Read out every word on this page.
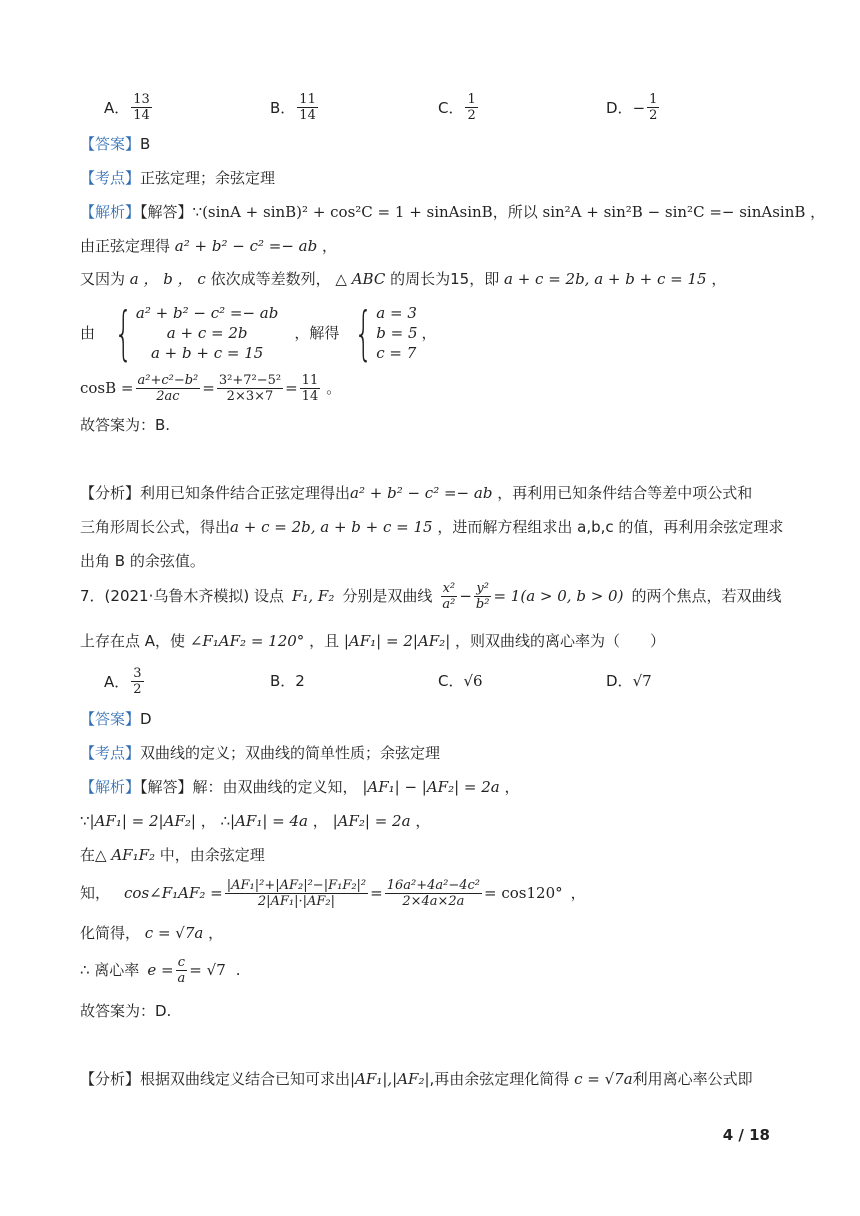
A． $\frac{13}{14}$	B． $\frac{11}{14}$	C． $\frac{1}{2}$	D． − $\frac{1}{2}$
【答案】B
【考点】正弦定理；余弦定理
【解析】【解答】∵(sinA + sinB)² + cos²C = 1 + sinAsinB，所以 sin²A + sin²B − sin²C =− sinAsinB ，
由正弦定理得 a² + b² − c² =− ab ，
又因为 a ， b ， c 依次成等差数列， △ ABC 的周长为15，即 a + c = 2b, a + b + c = 15 ，
由 { a² + b² − c² =− ab
a + c = 2b
a + b + c = 15
，解得 { a = 3
b = 5
c = 7
，
$\cos B = \frac{\text{a²+c²−b²}}{2ac} = \frac{\text{3²+7²−5²}}{2\times 3\times 7} = \frac{11}{14}$ 。
故答案为：B.
【分析】利用已知条件结合正弦定理得出a² + b² − c² =− ab ，再利用已知条件结合等差中项公式和
三角形周长公式，得出a + c = 2b, a + b + c = 15 ，进而解方程组求出 a,b,c 的值，再利用余弦定理求
出角 B 的余弦值。
7．(2021·乌鲁木齐模拟) 设点 F₁, F₂ 分别是双曲线 $\frac{\text{x²}}{\text{a²}} - \frac{\text{y²}}{\text{b²}} = 1(a > 0$, b > 0) 的两个焦点，若双曲线
上存在点 A，使 ∠F₁AF₂ = 120° ，且 |AF₁| = 2|AF₂| ，则双曲线的离心率为（　　）
A． $\frac{3}{2}$	B． 2	C． √6	D． √7
【答案】D
【考点】双曲线的定义；双曲线的简单性质；余弦定理
【解析】【解答】解：由双曲线的定义知， |AF₁| − |AF₂| = 2a ，
∵|AF₁| = 2|AF₂| ， ∴|AF₁| = 4a ， |AF₂| = 2a ，
在△ AF₁F₂ 中，由余弦定理
知， cos∠F₁AF₂ = $\frac{\text{|AF₁|²+|AF₂|²−|F₁F₂|²}}{\text{2|AF₁|·|AF₂|}} = \frac{\text{16a²+4a²−4c²}}{2\times 4a\times 2a} = \cos 120^\circ$ ，
化简得， c = √7a ，
∴ 离心率 $e = \frac{c}{a} = √7$ .
故答案为：D.
【分析】根据双曲线定义结合已知可求出|AF₁|,|AF₂|,再由余弦定理化简得 c = √7a利用离心率公式即
4 / 18
